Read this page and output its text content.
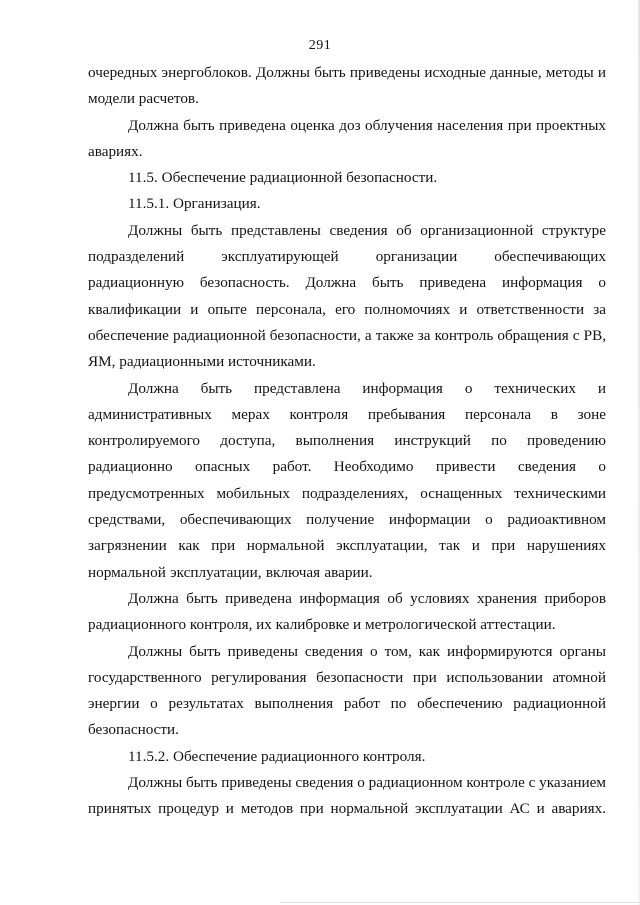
291

очередных энергоблоков. Должны быть приведены исходные данные, методы и модели расчетов.

Должна быть приведена оценка доз облучения населения при проектных авариях.

11.5. Обеспечение радиационной безопасности.

11.5.1. Организация.

Должны быть представлены сведения об организационной структуре подразделений эксплуатирующей организации обеспечивающих радиационную безопасность. Должна быть приведена информация о квалификации и опыте персонала, его полномочиях и ответственности за обеспечение радиационной безопасности, а также за контроль обращения с РВ, ЯМ, радиационными источниками.

Должна быть представлена информация о технических и административных мерах контроля пребывания персонала в зоне контролируемого доступа, выполнения инструкций по проведению радиационно опасных работ. Необходимо привести сведения о предусмотренных мобильных подразделениях, оснащенных техническими средствами, обеспечивающих получение информации о радиоактивном загрязнении как при нормальной эксплуатации, так и при нарушениях нормальной эксплуатации, включая аварии.

Должна быть приведена информация об условиях хранения приборов радиационного контроля, их калибровке и метрологической аттестации.

Должны быть приведены сведения о том, как информируются органы государственного регулирования безопасности при использовании атомной энергии о результатах выполнения работ по обеспечению радиационной безопасности.

11.5.2. Обеспечение радиационного контроля.

Должны быть приведены сведения о радиационном контроле с указанием принятых процедур и методов при нормальной эксплуатации АС и авариях.
